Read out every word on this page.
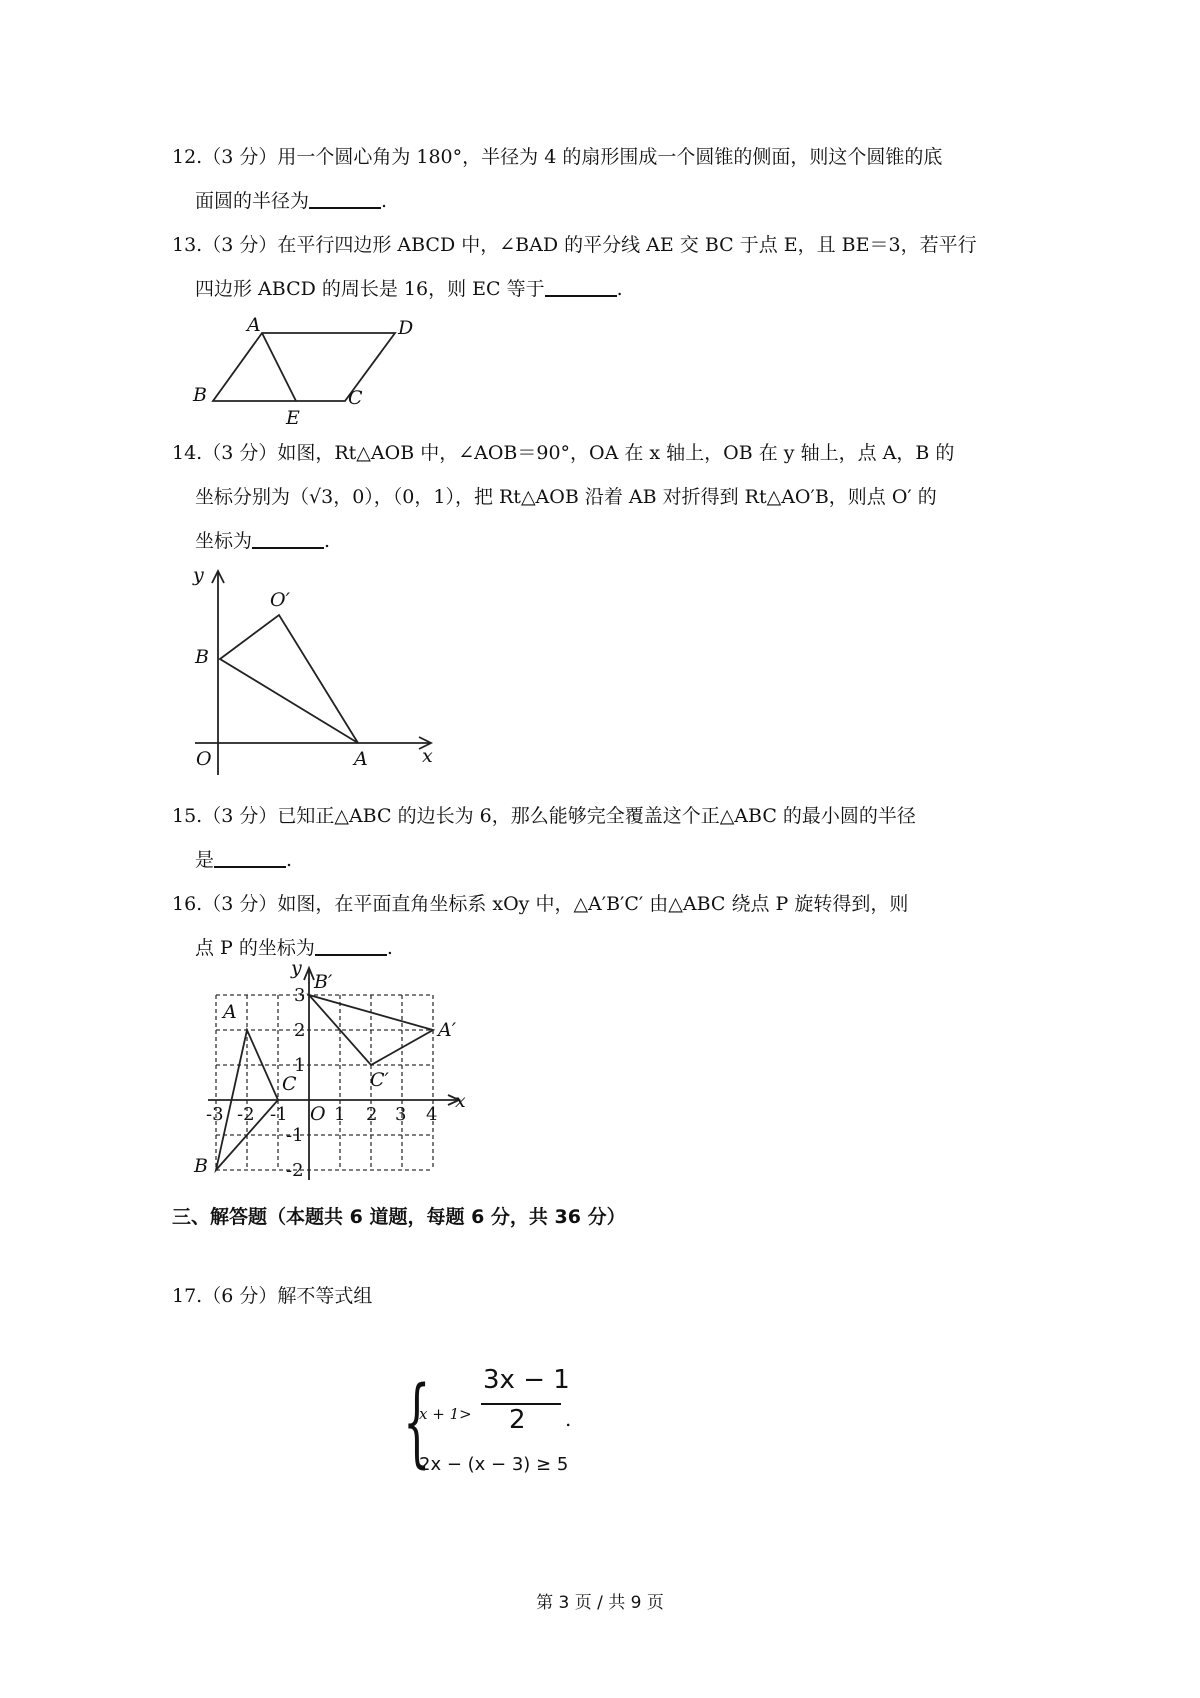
12.（3 分）用一个圆心角为 180°，半径为 4 的扇形围成一个圆锥的侧面，则这个圆锥的底
面圆的半径为	.
13.（3 分）在平行四边形 ABCD 中，∠BAD 的平分线 AE 交 BC 于点 E，且 BE＝3，若平行
四边形 ABCD 的周长是 16，则 EC 等于	.
A	D
B	C
E
14.（3 分）如图，Rt△AOB 中，∠AOB＝90°，OA 在 x 轴上，OB 在 y 轴上，点 A，B 的
坐标分别为（√3，0），（0，1），把 Rt△AOB 沿着 AB 对折得到 Rt△AO′B，则点 O′ 的
坐标为	.
y
O′
B
O	A	x
15.（3 分）已知正△ABC 的边长为 6，那么能够完全覆盖这个正△ABC 的最小圆的半径
是	.
16.（3 分）如图，在平面直角坐标系 xOy 中，△A′B′C′ 由△ABC 绕点 P 旋转得到，则
点 P 的坐标为	.
y
B′
A
A′
C′
C
B
x
O
-3 -2 -1	1 2 3 4
3
2
1
-1
-2
三、解答题（本题共 6 道题，每题 6 分，共 36 分）
17.（6 分）解不等式组
{
x + 1>
3x − 1
2 .
2x − (x − 3) ≥ 5
第 3 页 / 共 9 页
